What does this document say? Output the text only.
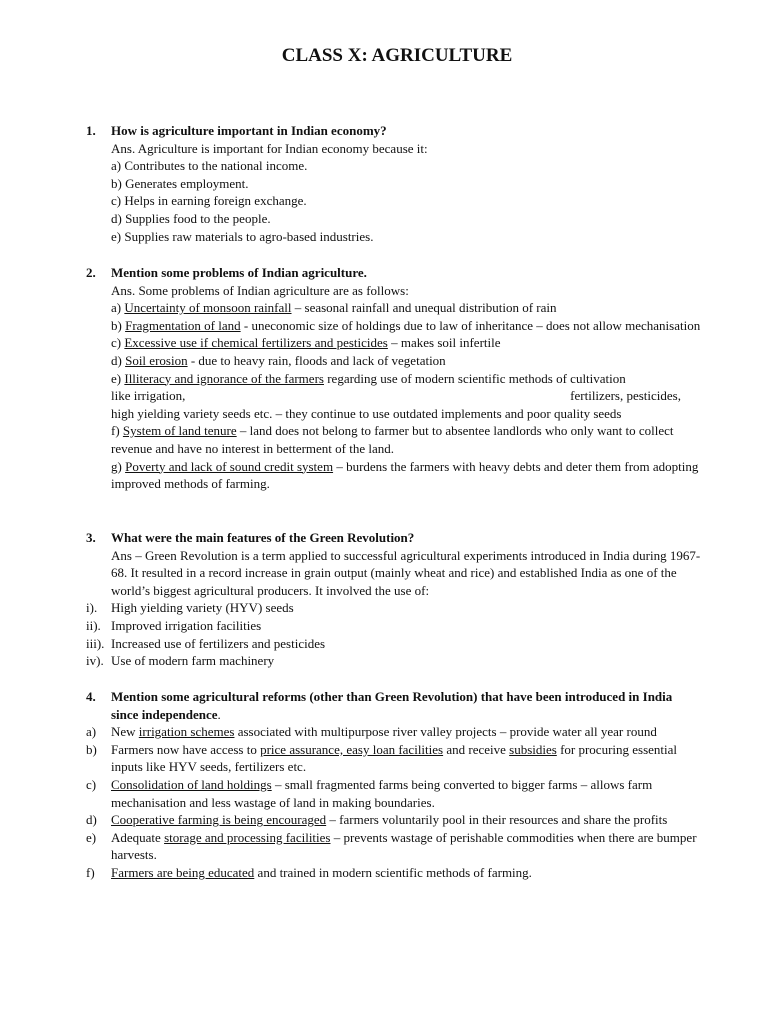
CLASS X: AGRICULTURE
1. How is agriculture important in Indian economy?
Ans. Agriculture is important for Indian economy because it:
a) Contributes to the national income.
b) Generates employment.
c) Helps in earning foreign exchange.
d) Supplies food to the people.
e) Supplies raw materials to agro-based industries.
2. Mention some problems of Indian agriculture.
Ans. Some problems of Indian agriculture are as follows:
a) Uncertainty of monsoon rainfall – seasonal rainfall and unequal distribution of rain
b) Fragmentation of land - uneconomic size of holdings due to law of inheritance – does not allow mechanisation
c) Excessive use if chemical fertilizers and pesticides – makes soil infertile
d) Soil erosion - due to heavy rain, floods and lack of vegetation
e) Illiteracy and ignorance of the farmers regarding use of modern scientific methods of cultivation
like irrigation,	fertilizers, pesticides,
high yielding variety seeds etc. – they continue to use outdated implements and poor quality seeds
f) System of land tenure – land does not belong to farmer but to absentee landlords who only want to collect revenue and have no interest in betterment of the land.
g) Poverty and lack of sound credit system – burdens the farmers with heavy debts and deter them from adopting improved methods of farming.
3. What were the main features of the Green Revolution?
Ans – Green Revolution is a term applied to successful agricultural experiments introduced in India during 1967-68. It resulted in a record increase in grain output (mainly wheat and rice) and established India as one of the world’s biggest agricultural producers. It involved the use of:
i). High yielding variety (HYV) seeds
ii). Improved irrigation facilities
iii). Increased use of fertilizers and pesticides
iv). Use of modern farm machinery
4. Mention some agricultural reforms (other than Green Revolution) that have been introduced in India since independence.
a) New irrigation schemes associated with multipurpose river valley projects – provide water all year round
b) Farmers now have access to price assurance, easy loan facilities and receive subsidies for procuring essential inputs like HYV seeds, fertilizers etc.
c) Consolidation of land holdings – small fragmented farms being converted to bigger farms – allows farm mechanisation and less wastage of land in making boundaries.
d) Cooperative farming is being encouraged – farmers voluntarily pool in their resources and share the profits
e) Adequate storage and processing facilities – prevents wastage of perishable commodities when there are bumper harvests.
f) Farmers are being educated and trained in modern scientific methods of farming.
